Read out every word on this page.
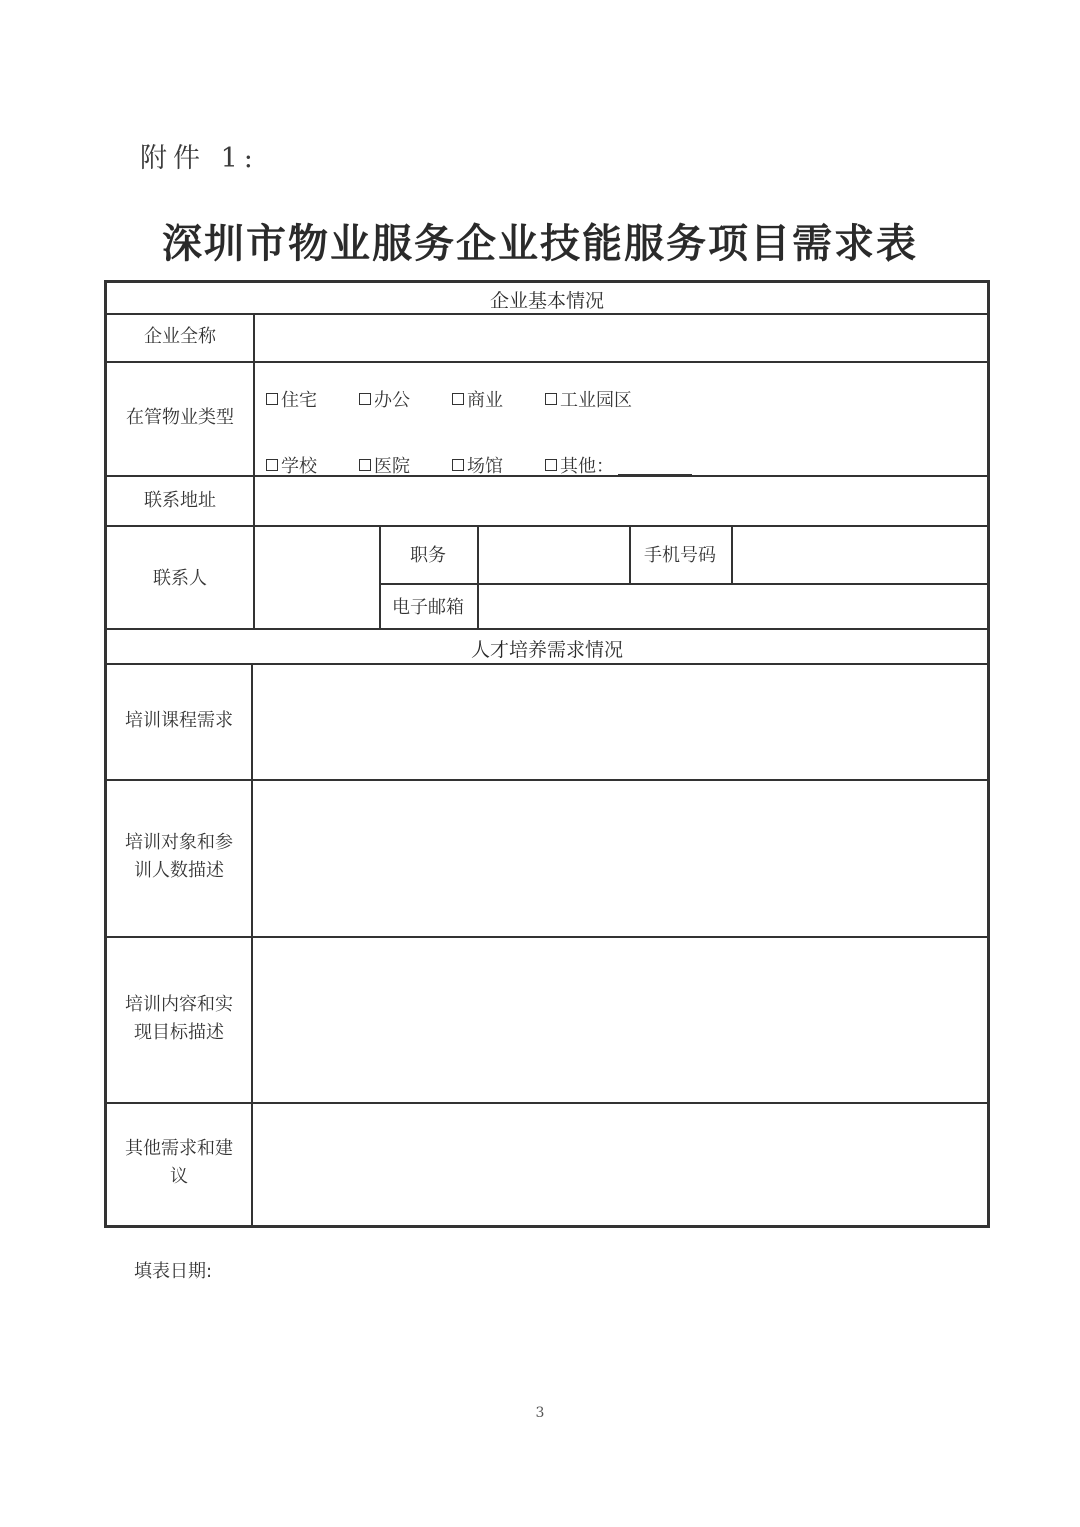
附件 1:
深圳市物业服务企业技能服务项目需求表
企业基本情况
企业全称
在管物业类型
住宅	办公	商业	工业园区
学校	医院	场馆	其他：
联系地址
联系人
职务	手机号码
电子邮箱
人才培养需求情况
培训课程需求
培训对象和参训人数描述
培训内容和实现目标描述
其他需求和建议
填表日期:
3
